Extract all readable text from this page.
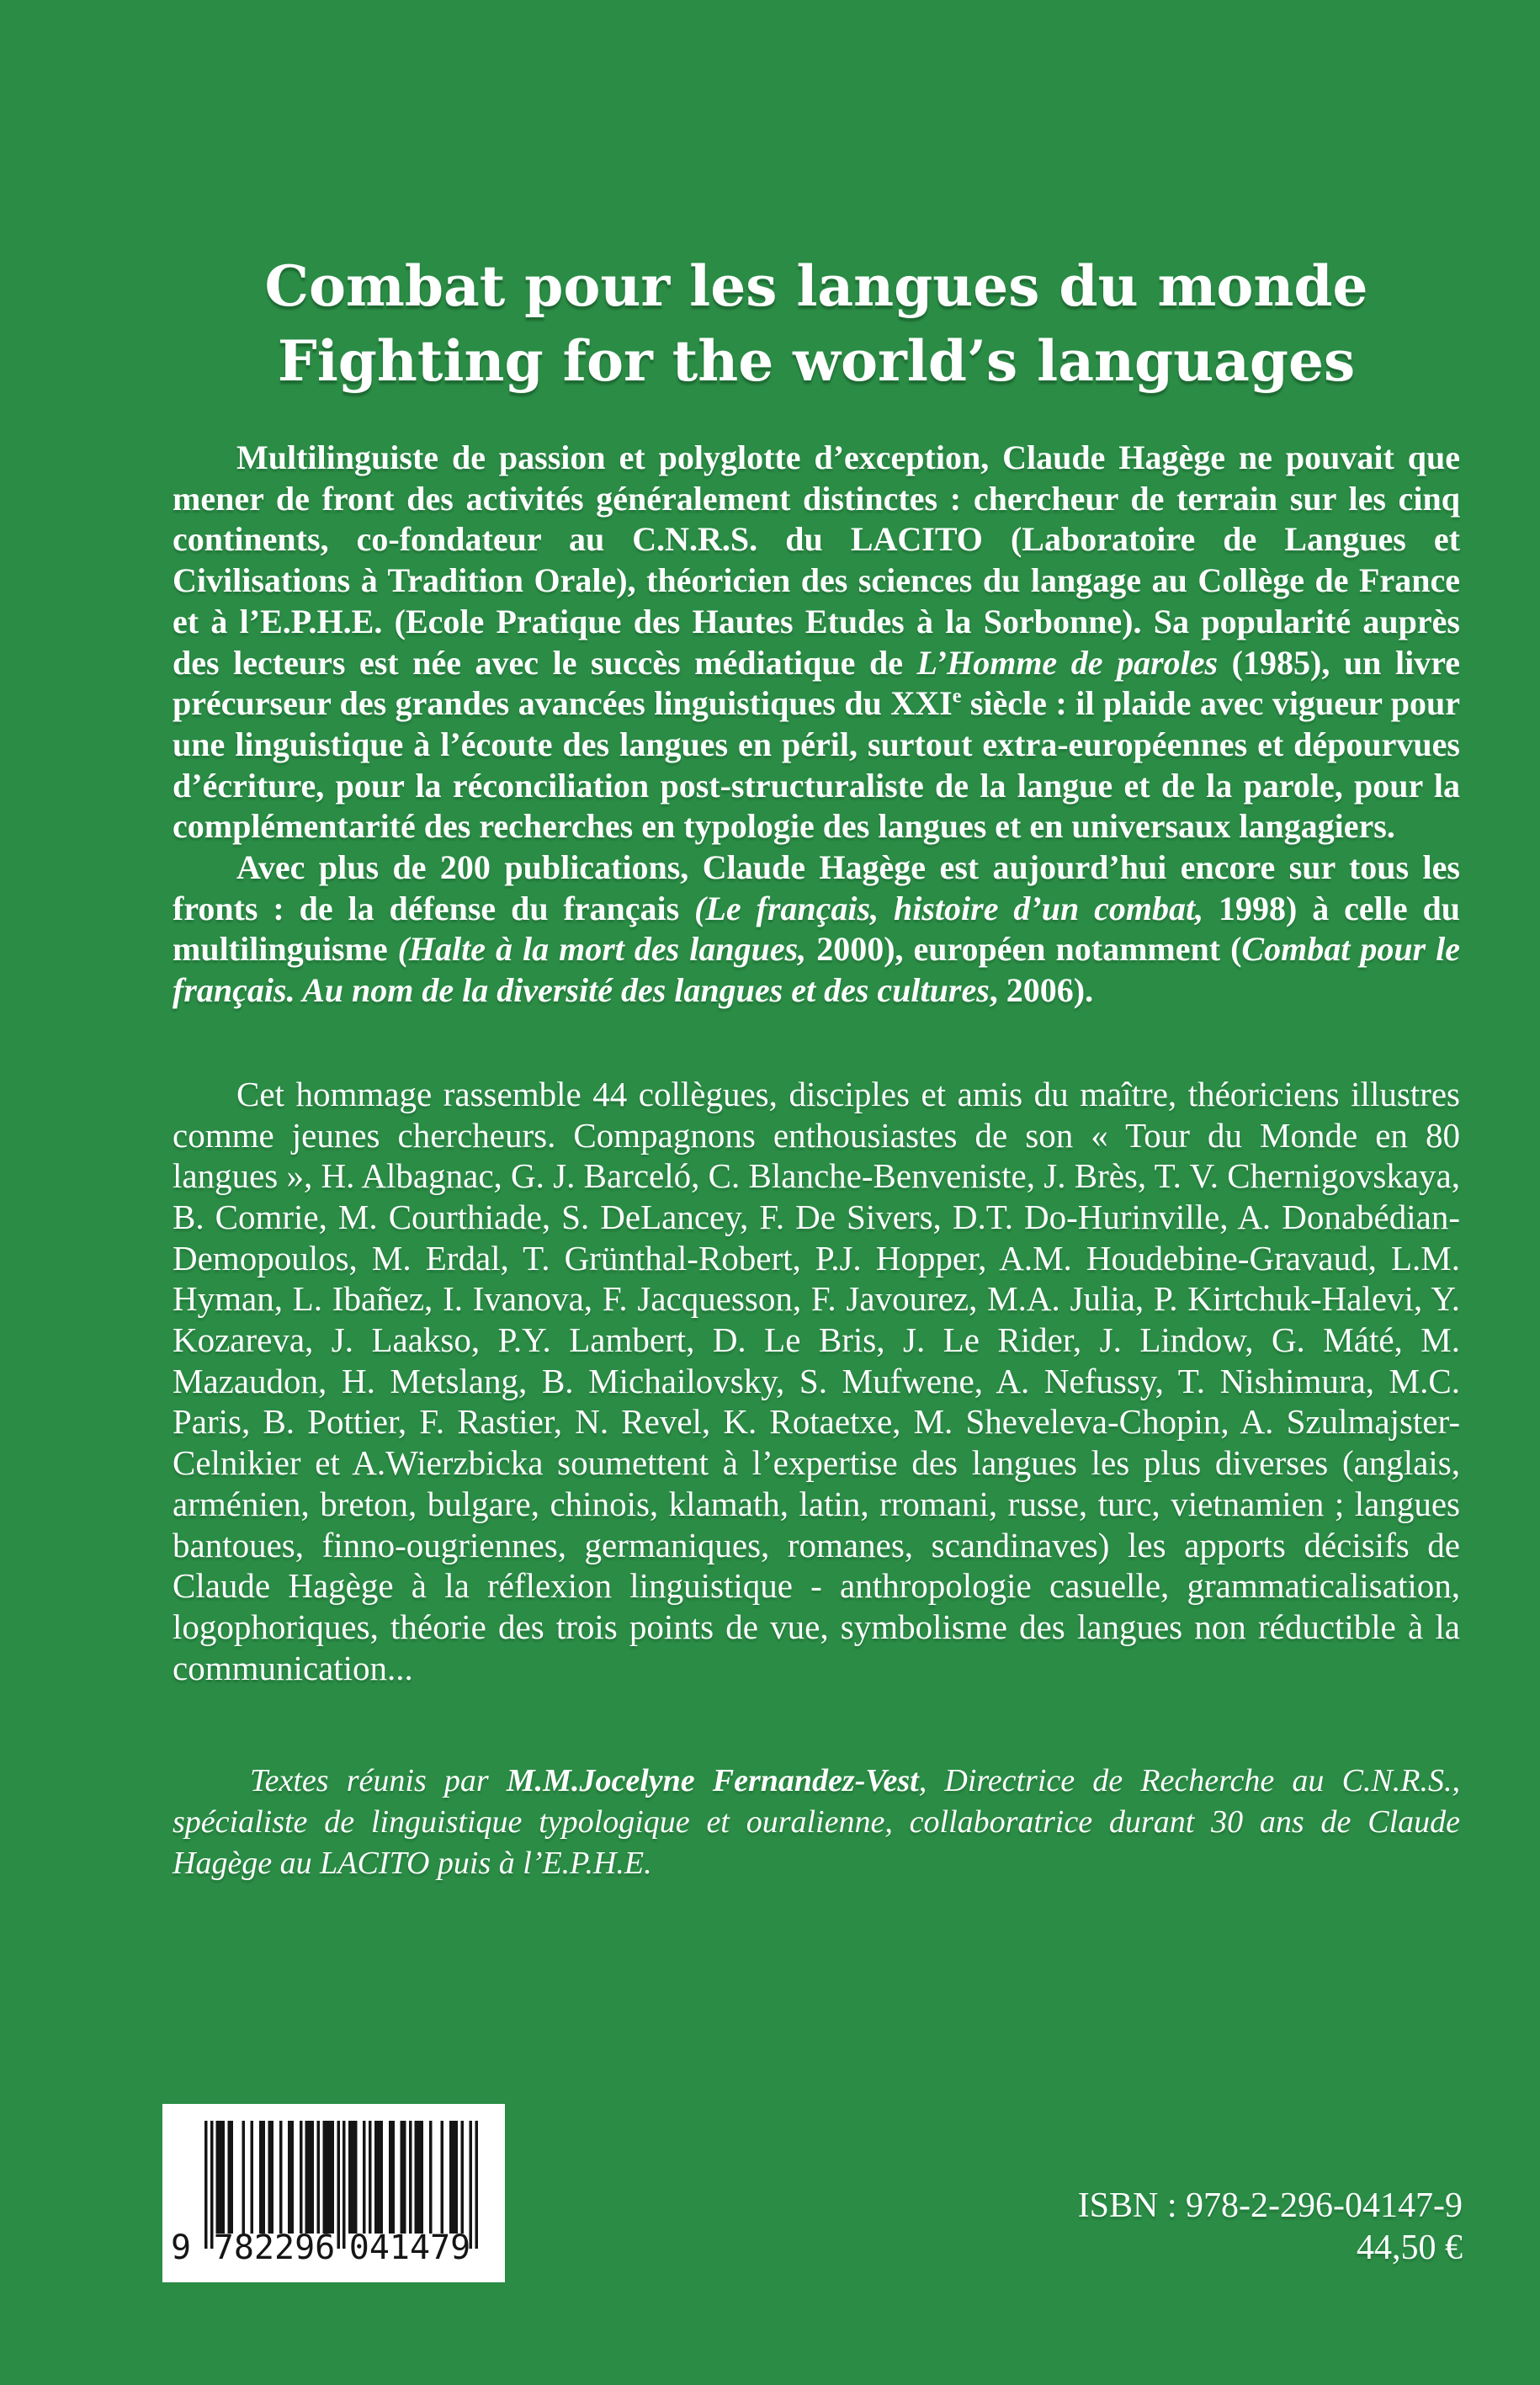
Combat pour les langues du monde
Fighting for the world’s languages

Multilinguiste de passion et polyglotte d’exception, Claude Hagège ne pouvait que mener de front des activités généralement distinctes : chercheur de terrain sur les cinq continents, co-fondateur au C.N.R.S. du LACITO (Laboratoire de Langues et Civilisations à Tradition Orale), théoricien des sciences du langage au Collège de France et à l’E.P.H.E. (Ecole Pratique des Hautes Etudes à la Sorbonne). Sa popularité auprès des lecteurs est née avec le succès médiatique de L’Homme de paroles (1985), un livre précurseur des grandes avancées linguistiques du XXIe siècle : il plaide avec vigueur pour une linguistique à l’écoute des langues en péril, surtout extra-européennes et dépourvues d’écriture, pour la réconciliation post-structuraliste de la langue et de la parole, pour la complémentarité des recherches en typologie des langues et en universaux langagiers.

Avec plus de 200 publications, Claude Hagège est aujourd’hui encore sur tous les fronts : de la défense du français (Le français, histoire d’un combat, 1998) à celle du multilinguisme (Halte à la mort des langues, 2000), européen notamment (Combat pour le français. Au nom de la diversité des langues et des cultures, 2006).

Cet hommage rassemble 44 collègues, disciples et amis du maître, théoriciens illustres comme jeunes chercheurs. Compagnons enthousiastes de son « Tour du Monde en 80 langues », H. Albagnac, G. J. Barceló, C. Blanche-Benveniste, J. Brès, T. V. Chernigovskaya, B. Comrie, M. Courthiade, S. DeLancey, F. De Sivers, D.T. Do-Hurinville, A. Donabédian-Demopoulos, M. Erdal, T. Grünthal-Robert, P.J. Hopper, A.M. Houdebine-Gravaud, L.M. Hyman, L. Ibañez, I. Ivanova, F. Jacquesson, F. Javourez, M.A. Julia, P. Kirtchuk-Halevi, Y. Kozareva, J. Laakso, P.Y. Lambert, D. Le Bris, J. Le Rider, J. Lindow, G. Máté, M. Mazaudon, H. Metslang, B. Michailovsky, S. Mufwene, A. Nefussy, T. Nishimura, M.C. Paris, B. Pottier, F. Rastier, N. Revel, K. Rotaetxe, M. Sheveleva-Chopin, A. Szulmajster-Celnikier et A.Wierzbicka soumettent à l’expertise des langues les plus diverses (anglais, arménien, breton, bulgare, chinois, klamath, latin, rromani, russe, turc, vietnamien ; langues bantoues, finno-ougriennes, germaniques, romanes, scandinaves) les apports décisifs de Claude Hagège à la réflexion linguistique - anthropologie casuelle, grammaticalisation, logophoriques, théorie des trois points de vue, symbolisme des langues non réductible à la communication...

Textes réunis par M.M.Jocelyne Fernandez-Vest, Directrice de Recherche au C.N.R.S., spécialiste de linguistique typologique et ouralienne, collaboratrice durant 30 ans de Claude Hagège au LACITO puis à l’E.P.H.E.

9 782296 041479
ISBN : 978-2-296-04147-9
44,50 €
